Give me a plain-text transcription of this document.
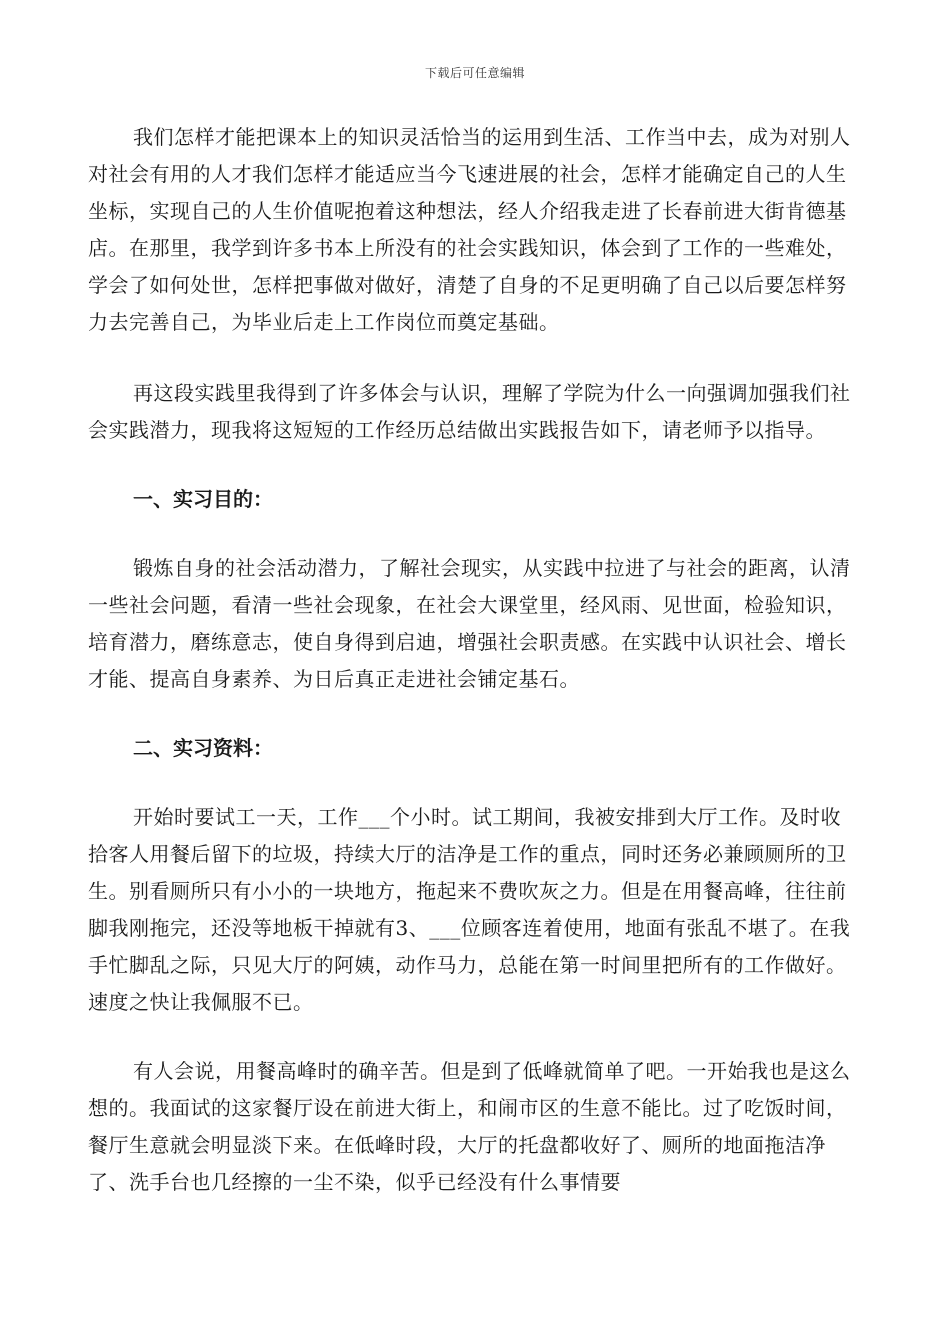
下载后可任意编辑

我们怎样才能把课本上的知识灵活恰当的运用到生活、工作当中去，成为对别人对社会有用的人才我们怎样才能适应当今飞速进展的社会，怎样才能确定自己的人生坐标，实现自己的人生价值呢抱着这种想法，经人介绍我走进了长春前进大街肯德基店。在那里，我学到许多书本上所没有的社会实践知识，体会到了工作的一些难处，学会了如何处世，怎样把事做对做好，清楚了自身的不足更明确了自己以后要怎样努力去完善自己，为毕业后走上工作岗位而奠定基础。

再这段实践里我得到了许多体会与认识，理解了学院为什么一向强调加强我们社会实践潜力，现我将这短短的工作经历总结做出实践报告如下，请老师予以指导。

一、实习目的：

锻炼自身的社会活动潜力，了解社会现实，从实践中拉进了与社会的距离，认清一些社会问题，看清一些社会现象，在社会大课堂里，经风雨、见世面，检验知识，培育潜力，磨练意志，使自身得到启迪，增强社会职责感。在实践中认识社会、增长才能、提高自身素养、为日后真正走进社会铺定基石。

二、实习资料：

开始时要试工一天，工作___个小时。试工期间，我被安排到大厅工作。及时收拾客人用餐后留下的垃圾，持续大厅的洁净是工作的重点，同时还务必兼顾厕所的卫生。别看厕所只有小小的一块地方，拖起来不费吹灰之力。但是在用餐高峰，往往前脚我刚拖完，还没等地板干掉就有3、___位顾客连着使用，地面有张乱不堪了。在我手忙脚乱之际，只见大厅的阿姨，动作马力，总能在第一时间里把所有的工作做好。速度之快让我佩服不已。

有人会说，用餐高峰时的确辛苦。但是到了低峰就简单了吧。一开始我也是这么想的。我面试的这家餐厅设在前进大街上，和闹市区的生意不能比。过了吃饭时间，餐厅生意就会明显淡下来。在低峰时段，大厅的托盘都收好了、厕所的地面拖洁净了、洗手台也几经擦的一尘不染，似乎已经没有什么事情要
